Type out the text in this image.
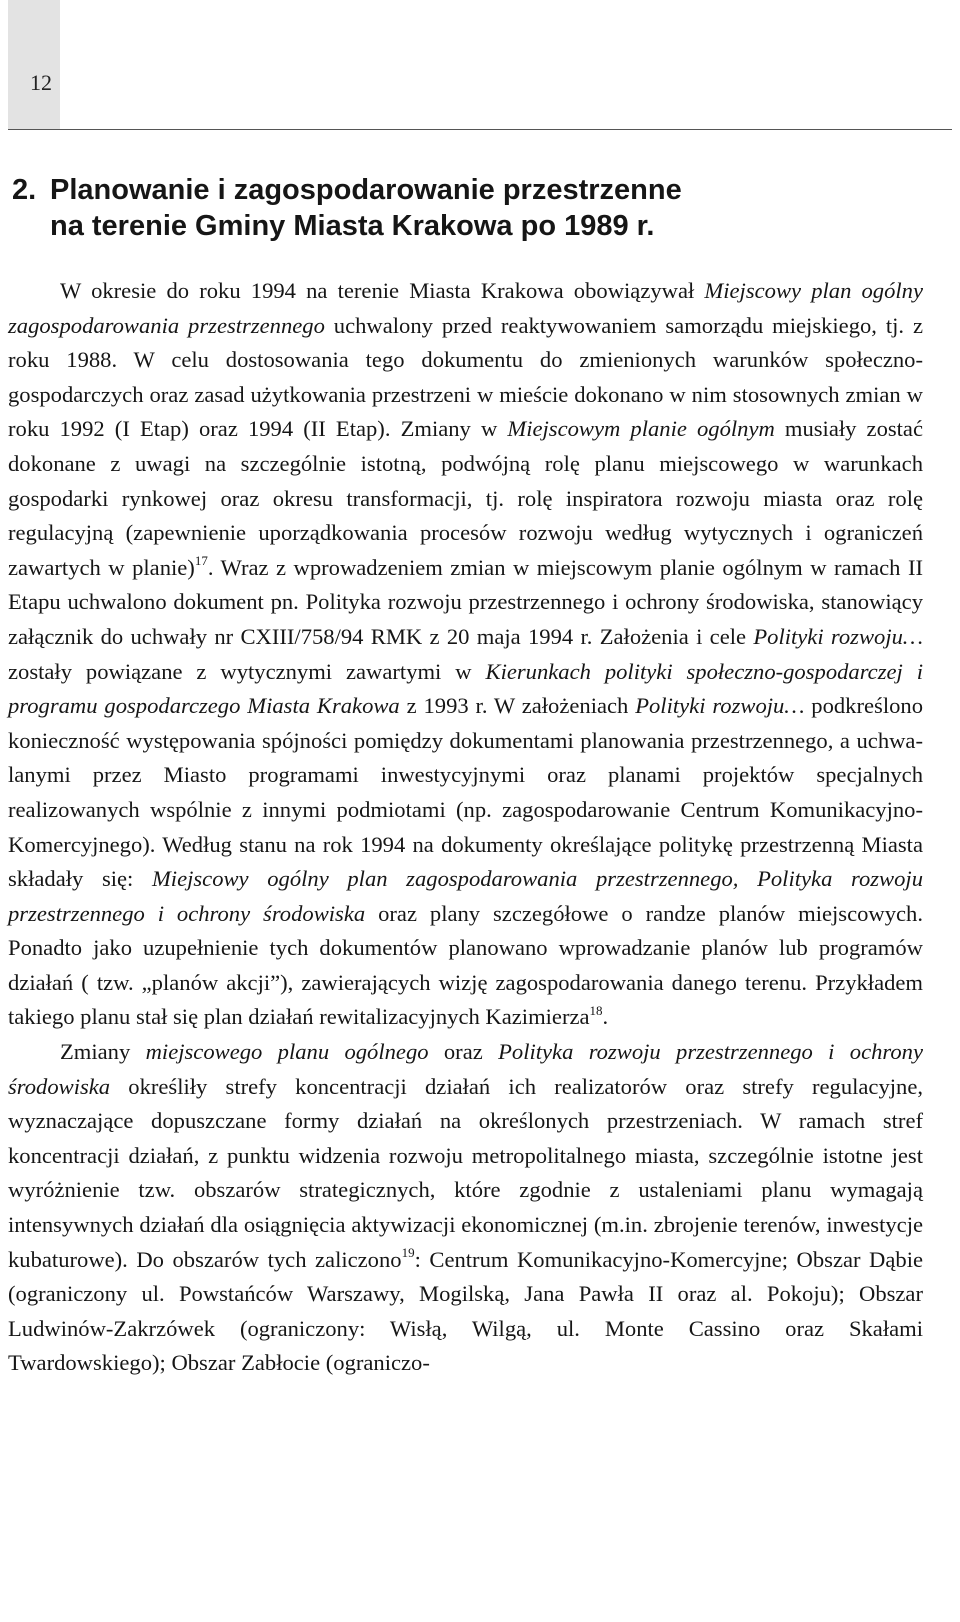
12
2. Planowanie i zagospodarowanie przestrzenne
na terenie Gminy Miasta Krakowa po 1989 r.

W okresie do roku 1994 na terenie Miasta Krakowa obowiązywał Miejscowy plan ogólny zagospodarowania przestrzennego uchwalony przed reaktywowaniem samorządu miejskiego, tj. z roku 1988. W celu dostosowania tego dokumentu do zmienionych warunków społeczno-gospodarczych oraz zasad użytkowania przestrzeni w mieście dokonano w nim stosownych zmian w roku 1992 (I Etap) oraz 1994 (II Etap). Zmiany w Miejscowym planie ogólnym musiały zostać dokonane z uwagi na szczególnie istotną, podwójną rolę planu miejscowego w warunkach gospodarki rynkowej oraz okresu transformacji, tj. rolę inspiratora rozwoju miasta oraz rolę regulacyjną (zapewnienie uporządkowania procesów rozwoju według wytycznych i ograniczeń zawartych w planie)$^{17}$. Wraz z wprowadzeniem zmian w miejscowym planie ogólnym w ramach II Etapu uchwalono dokument pn. Polityka rozwoju przestrzennego i ochrony środowiska, stanowiący załącznik do uchwały nr CXIII/758/94 RMK z 20 maja 1994 r. Założenia i cele Polityki rozwoju… zostały powiązane z wytycznymi zawartymi w Kierunkach polityki społeczno-gospodarczej i programu gospodarczego Miasta Krakowa z 1993 r. W założeniach Polityki rozwoju… podkreślono konieczność występowania spójności pomiędzy dokumentami planowania przestrzennego, a uchwalanymi przez Miasto programami inwestycyjnymi oraz planami projektów specjalnych realizowanych wspólnie z innymi podmiotami (np. zagospodarowanie Centrum Komunikacyjno-Komercyjnego). Według stanu na rok 1994 na dokumenty określające politykę przestrzenną Miasta składały się: Miejscowy ogólny plan zagospodarowania przestrzennego, Polityka rozwoju przestrzennego i ochrony środowiska oraz plany szczegółowe o randze planów miejscowych. Ponadto jako uzupełnienie tych dokumentów planowano wprowadzanie planów lub programów działań ( tzw. „planów akcji”), zawierających wizję zagospodarowania danego terenu. Przykładem takiego planu stał się plan działań rewitalizacyjnych Kazimierza$^{18}$.

Zmiany miejscowego planu ogólnego oraz Polityka rozwoju przestrzennego i ochrony środowiska określiły strefy koncentracji działań ich realizatorów oraz strefy regulacyjne, wyznaczające dopuszczane formy działań na określonych przestrzeniach. W ramach stref koncentracji działań, z punktu widzenia rozwoju metropolitalnego miasta, szczególnie istotne jest wyróżnienie tzw. obszarów strategicznych, które zgodnie z ustaleniami planu wymagają intensywnych działań dla osiągnięcia aktywizacji ekonomicznej (m.in. zbrojenie terenów, inwestycje kubaturowe). Do obszarów tych zaliczono$^{19}$: Centrum Komunikacyjno-Komercyjne; Obszar Dąbie (ograniczony ul. Powstańców Warszawy, Mogilską, Jana Pawła II oraz al. Pokoju); Obszar Ludwinów-Zakrzówek (ograniczony: Wisłą, Wilgą, ul. Monte Cassino oraz Skałami Twardowskiego); Obszar Zabłocie (ograniczo-
